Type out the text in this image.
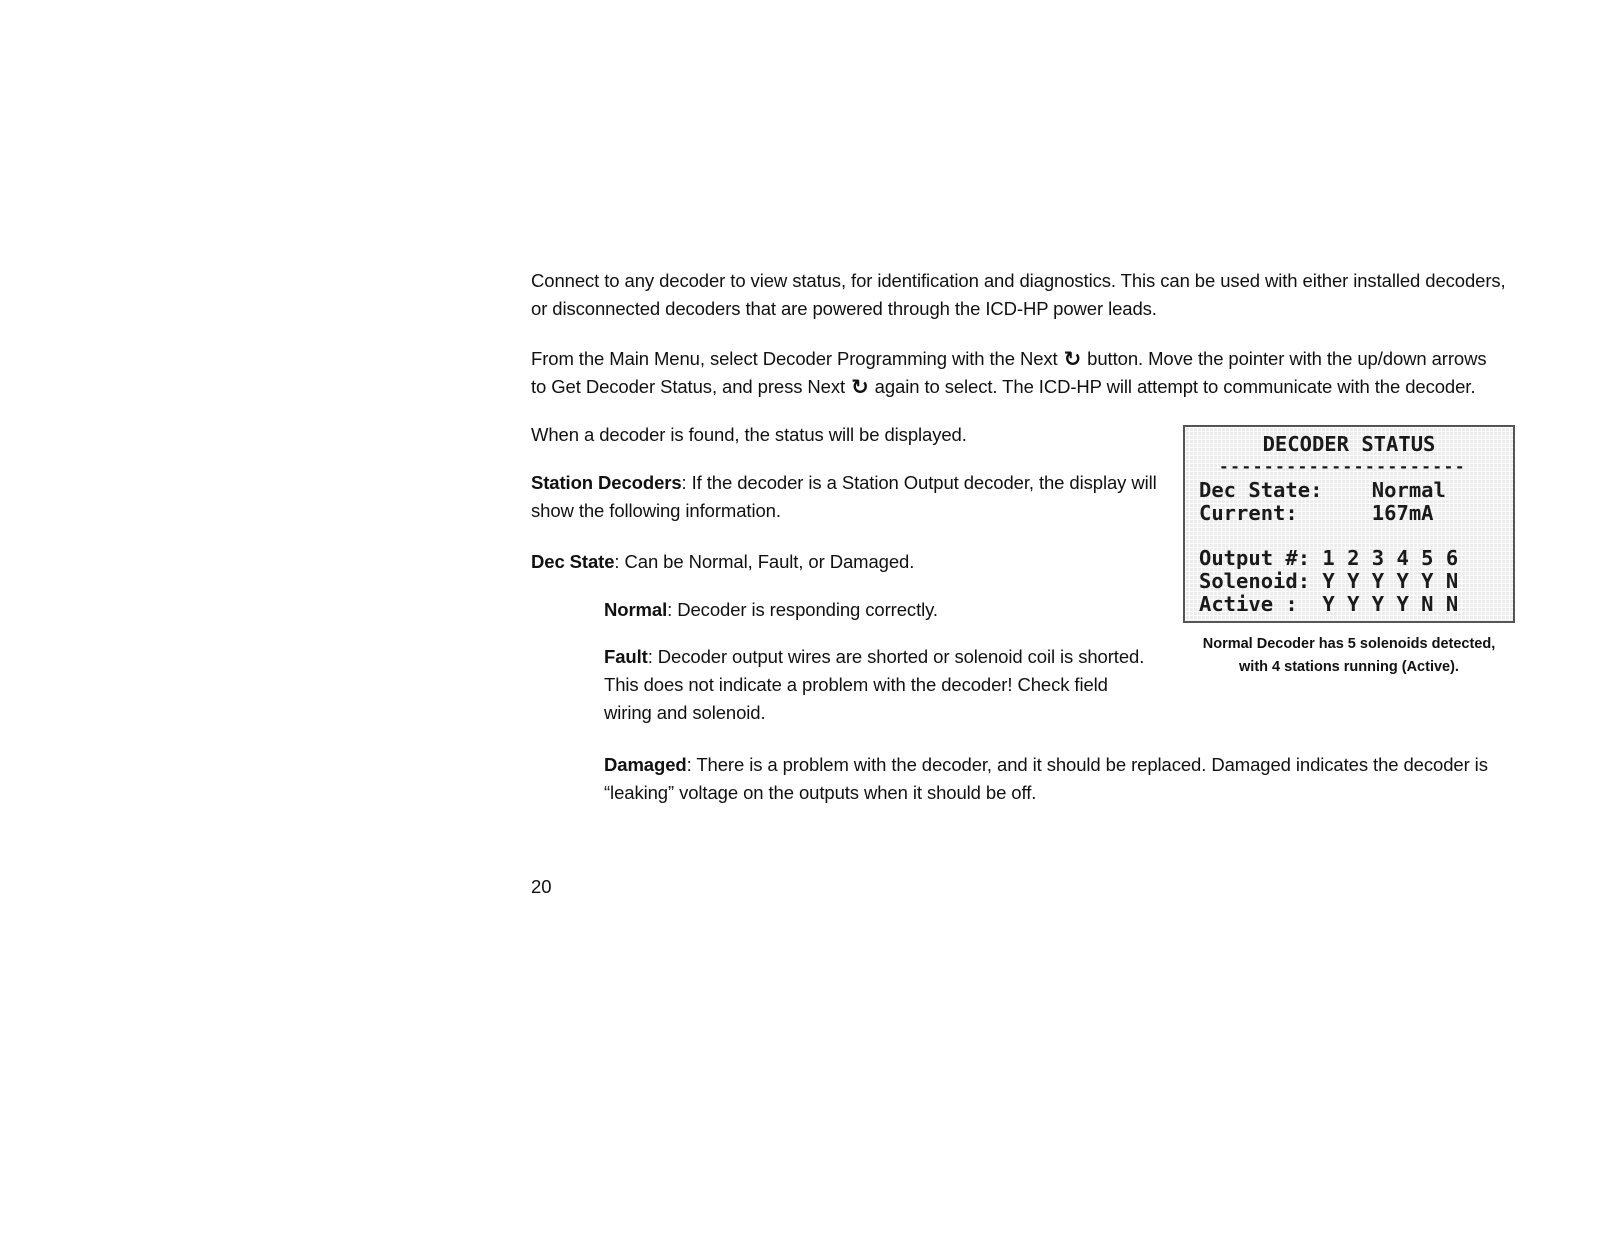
Connect to any decoder to view status, for identification and diagnostics. This can be used with either installed decoders,
or disconnected decoders that are powered through the ICD-HP power leads.

From the Main Menu, select Decoder Programming with the Next ↻ button. Move the pointer with the up/down arrows
to Get Decoder Status, and press Next ↻ again to select. The ICD-HP will attempt to communicate with the decoder.

When a decoder is found, the status will be displayed.

Station Decoders: If the decoder is a Station Output decoder, the display will
show the following information.

Dec State: Can be Normal, Fault, or Damaged.

Normal: Decoder is responding correctly.

Fault: Decoder output wires are shorted or solenoid coil is shorted.
This does not indicate a problem with the decoder! Check field
wiring and solenoid.

Damaged: There is a problem with the decoder, and it should be replaced. Damaged indicates the decoder is
“leaking” voltage on the outputs when it should be off.

DECODER STATUS
----------------------
Dec State:    Normal
Current:      167mA
Output #: 1 2 3 4 5 6
Solenoid: Y Y Y Y Y N
Active :  Y Y Y Y N N
Normal Decoder has 5 solenoids detected,
with 4 stations running (Active).
20
